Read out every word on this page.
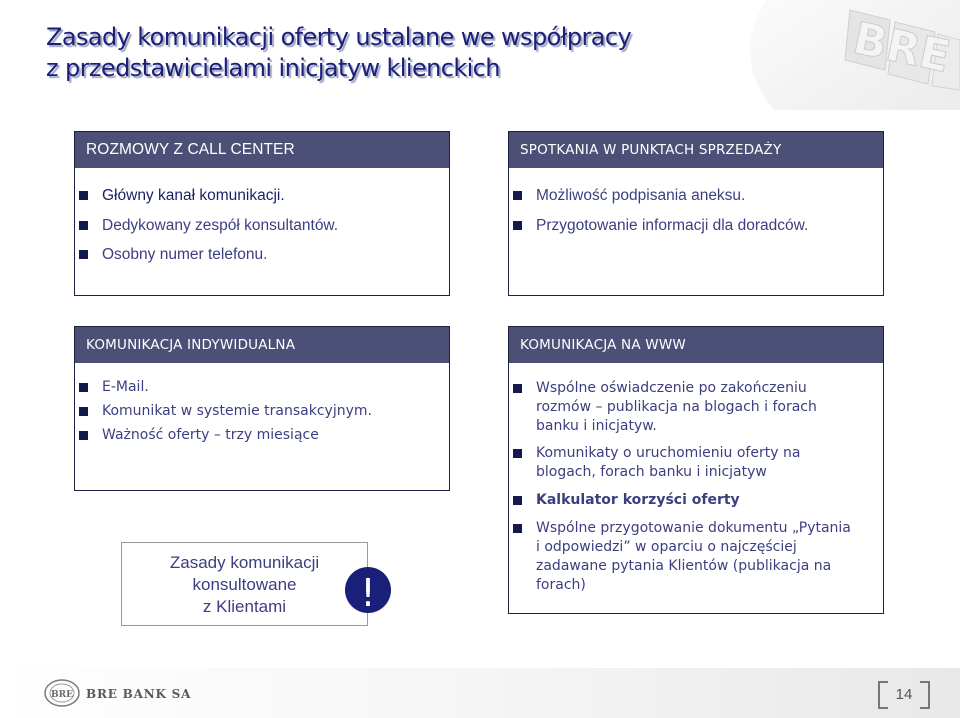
BRE
Zasady komunikacji oferty ustalane we współpracy
z przedstawicielami inicjatyw klienckich
ROZMOWY Z CALL CENTER
Główny kanał komunikacji.
Dedykowany zespół konsultantów.
Osobny numer telefonu.
SPOTKANIA W PUNKTACH SPRZEDAŻY
Możliwość podpisania aneksu.
Przygotowanie informacji dla doradców.
KOMUNIKACJA INDYWIDUALNA
E-Mail.
Komunikat w systemie transakcyjnym.
Ważność oferty – trzy miesiące
KOMUNIKACJA NA WWW
Wspólne oświadczenie po zakończeniu rozmów – publikacja na blogach i forach banku i inicjatyw.
Komunikaty o uruchomieniu oferty na blogach, forach banku i inicjatyw
Kalkulator korzyści oferty
Wspólne przygotowanie dokumentu „Pytania i odpowiedzi” w oparciu o najczęściej zadawane pytania Klientów (publikacja na forach)
Zasady komunikacji
konsultowane
z Klientami	!
BRE BRE BANK SA	14
